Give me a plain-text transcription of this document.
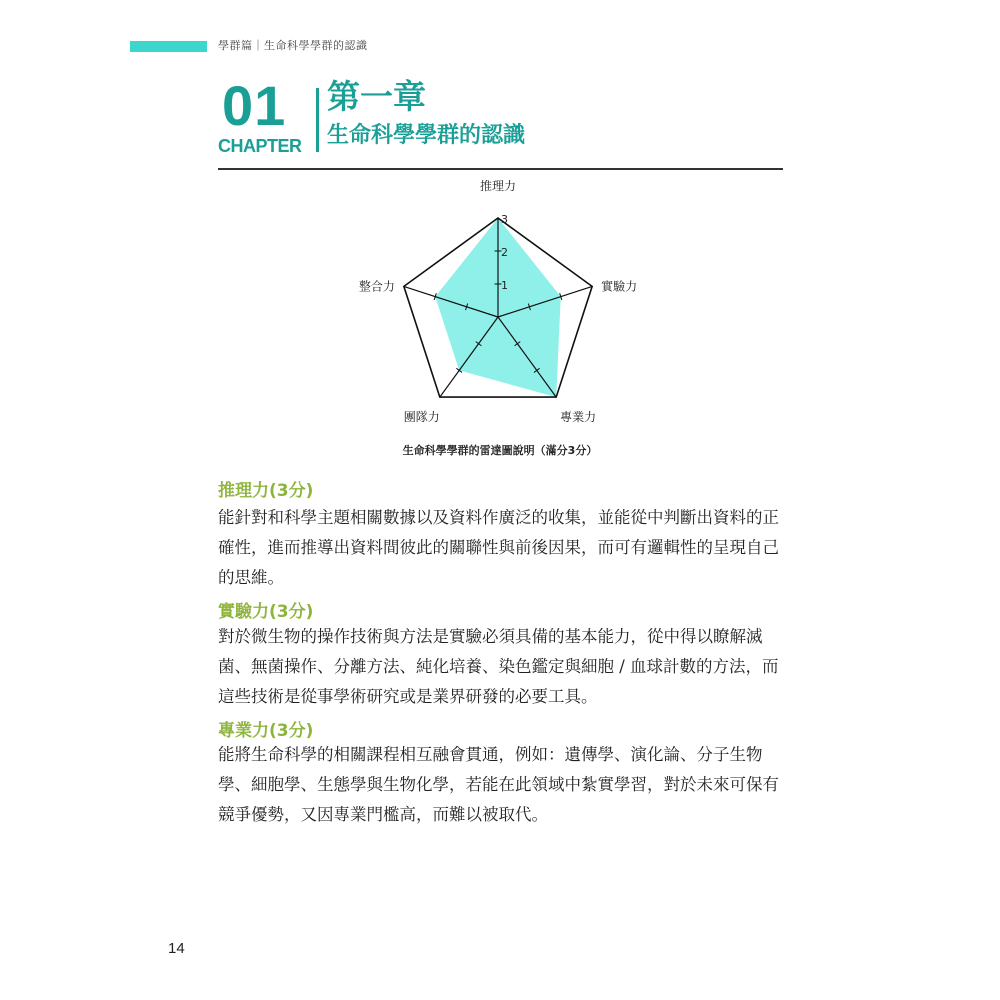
學群篇｜生命科學學群的認識
01
CHAPTER
第一章
生命科學學群的認識
1
2
3
推理力
實驗力
專業力
團隊力
整合力
生命科學學群的雷達圖說明（滿分3分）
推理力(3分)

能針對和科學主題相關數據以及資料作廣泛的收集，並能從中判斷出資料的正確性，進而推導出資料間彼此的關聯性與前後因果，而可有邏輯性的呈現自己的思維。

實驗力(3分)

對於微生物的操作技術與方法是實驗必須具備的基本能力，從中得以瞭解滅菌、無菌操作、分離方法、純化培養、染色鑑定與細胞 / 血球計數的方法，而這些技術是從事學術研究或是業界研發的必要工具。

專業力(3分)

能將生命科學的相關課程相互融會貫通，例如：遺傳學、演化論、分子生物學、細胞學、生態學與生物化學，若能在此領域中紮實學習，對於未來可保有競爭優勢，又因專業門檻高，而難以被取代。

14
